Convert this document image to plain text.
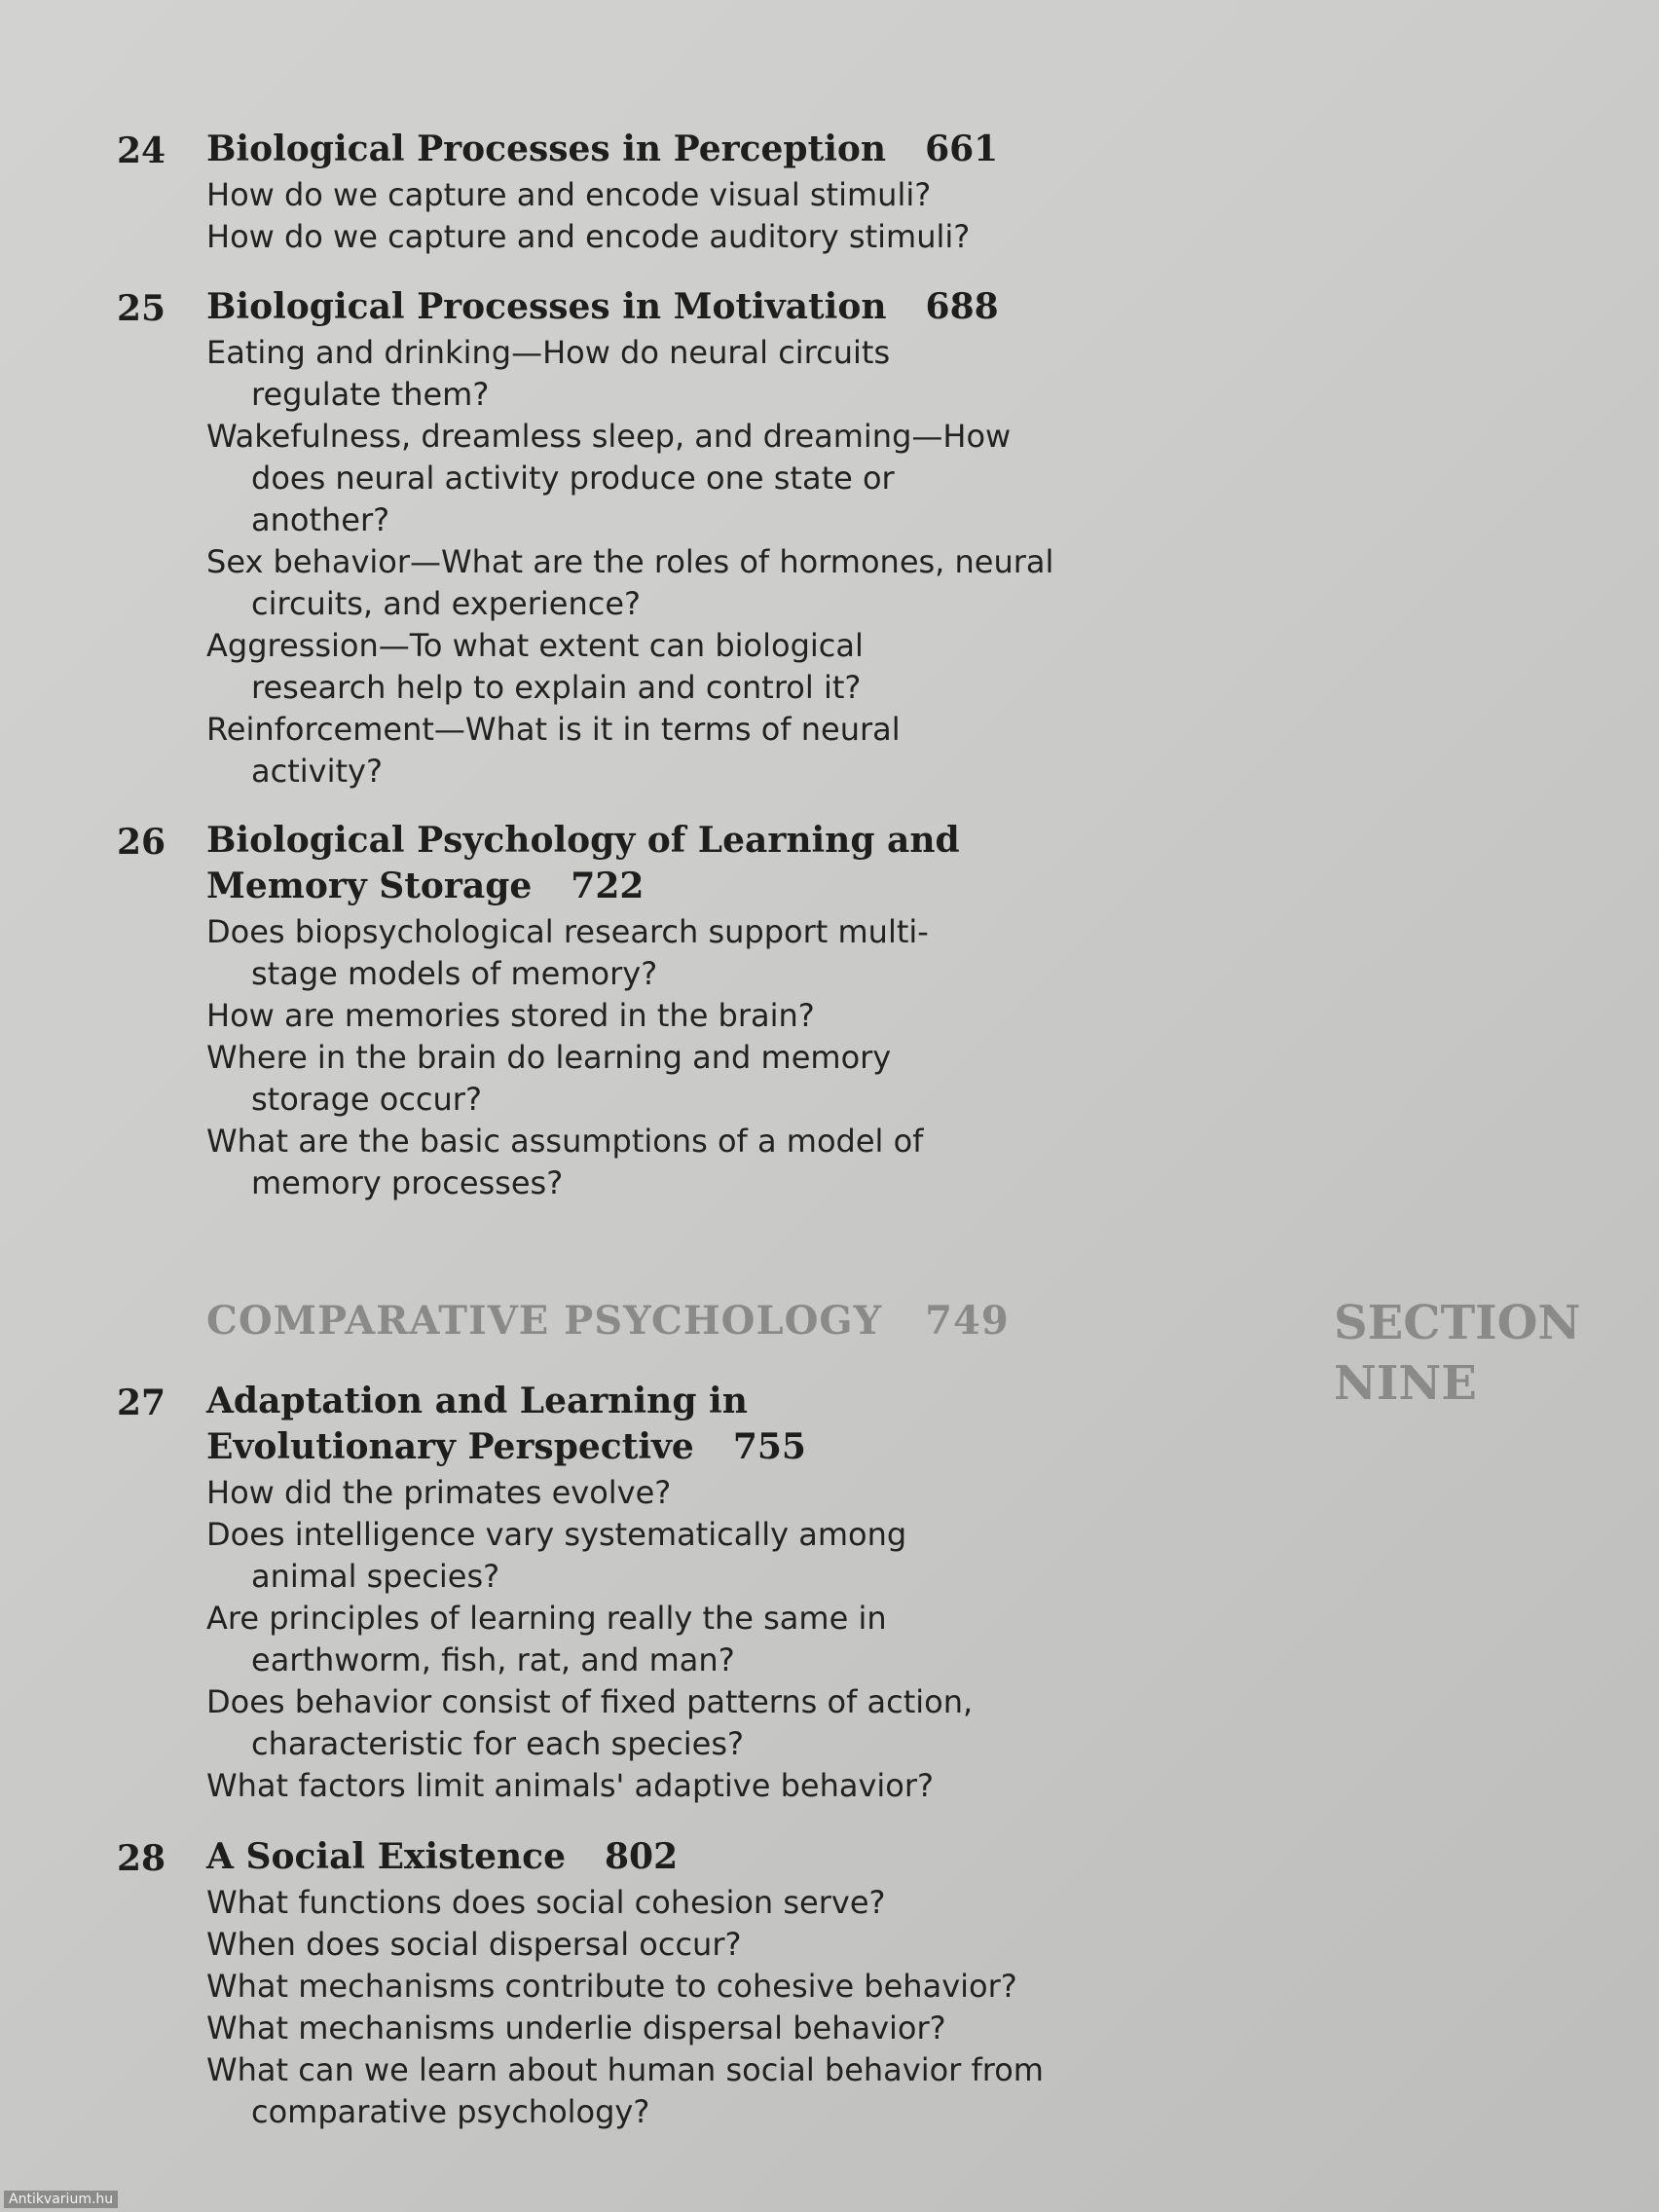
24 Biological Processes in Perception 661
How do we capture and encode visual stimuli?
How do we capture and encode auditory stimuli?
25 Biological Processes in Motivation 688
Eating and drinking—How do neural circuits regulate them?
Wakefulness, dreamless sleep, and dreaming—How does neural activity produce one state or another?
Sex behavior—What are the roles of hormones, neural circuits, and experience?
Aggression—To what extent can biological research help to explain and control it?
Reinforcement—What is it in terms of neural activity?
26 Biological Psychology of Learning and Memory Storage 722
Does biopsychological research support multi-stage models of memory?
How are memories stored in the brain?
Where in the brain do learning and memory storage occur?
What are the basic assumptions of a model of memory processes?
COMPARATIVE PSYCHOLOGY 749	SECTION
NINE
27 Adaptation and Learning in Evolutionary Perspective 755
How did the primates evolve?
Does intelligence vary systematically among animal species?
Are principles of learning really the same in earthworm, fish, rat, and man?
Does behavior consist of fixed patterns of action, characteristic for each species?
What factors limit animals' adaptive behavior?
28 A Social Existence 802
What functions does social cohesion serve?
When does social dispersal occur?
What mechanisms contribute to cohesive behavior?
What mechanisms underlie dispersal behavior?
What can we learn about human social behavior from comparative psychology?
Antikvarium.hu
